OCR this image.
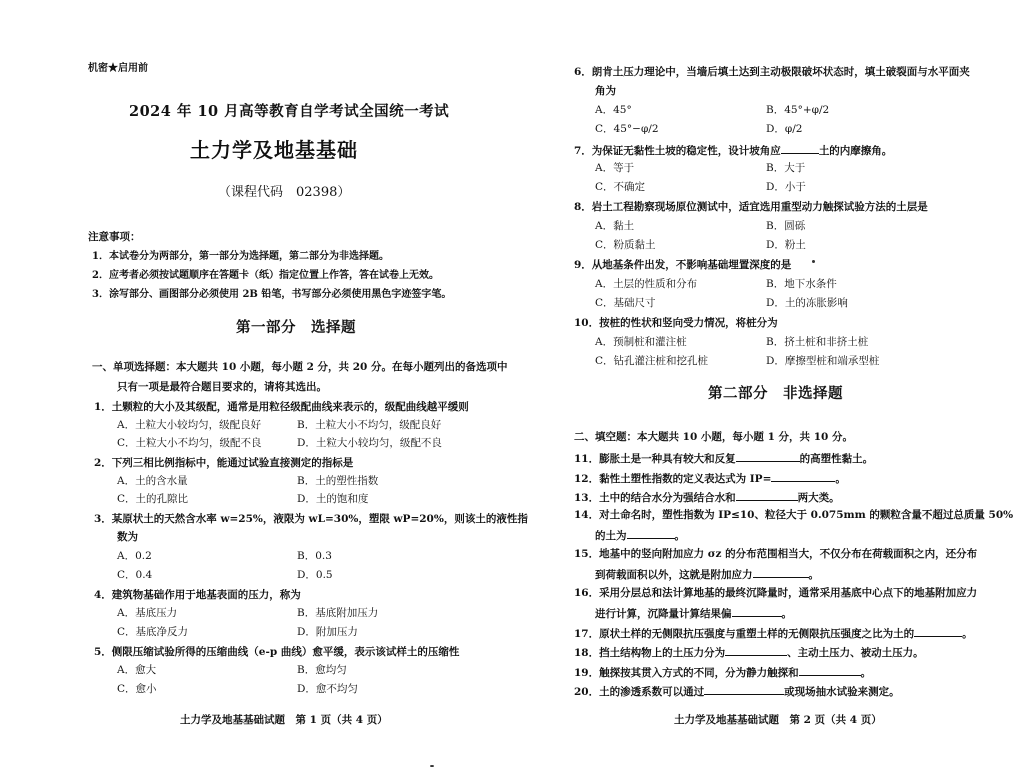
机密★启用前
2024 年 10 月高等教育自学考试全国统一考试
土力学及地基基础
（课程代码　02398）
注意事项：
1．本试卷分为两部分，第一部分为选择题，第二部分为非选择题。
2．应考者必须按试题顺序在答题卡（纸）指定位置上作答，答在试卷上无效。
3．涂写部分、画图部分必须使用 2B 铅笔，书写部分必须使用黑色字迹签字笔。
第一部分　选择题
一、单项选择题：本大题共 10 小题，每小题 2 分，共 20 分。在每小题列出的备选项中
只有一项是最符合题目要求的，请将其选出。
1．土颗粒的大小及其级配，通常是用粒径级配曲线来表示的，级配曲线越平缓则
A．土粒大小较均匀，级配良好	B．土粒大小不均匀，级配良好
C．土粒大小不均匀，级配不良	D．土粒大小较均匀，级配不良
2．下列三相比例指标中，能通过试验直接测定的指标是
A．土的含水量	B．土的塑性指数
C．土的孔隙比	D．土的饱和度
3．某原状土的天然含水率 w=25%，液限为 wL=30%，塑限 wP=20%，则该土的液性指
数为
A．0.2	B．0.3
C．0.4	D．0.5
4．建筑物基础作用于地基表面的压力，称为
A．基底压力	B．基底附加压力
C．基底净反力	D．附加压力
5．侧限压缩试验所得的压缩曲线（e-p 曲线）愈平缓，表示该试样土的压缩性
A．愈大	B．愈均匀
C．愈小	D．愈不均匀
土力学及地基基础试题　第 1 页（共 4 页）
6．朗肯土压力理论中，当墙后填土达到主动极限破坏状态时，填土破裂面与水平面夹
角为
A．45°	B．45°+φ/2
C．45°−φ/2	D．φ/2
7．为保证无黏性土坡的稳定性，设计坡角应	土的内摩擦角。
A．等于	B．大于
C．不确定	D．小于
8．岩土工程勘察现场原位测试中，适宜选用重型动力触探试验方法的土层是
A．黏土	B．圆砾
C．粉质黏土	D．粉土
9．从地基条件出发，不影响基础埋置深度的是
A．土层的性质和分布	B．地下水条件
C．基础尺寸	D．土的冻胀影响
10．按桩的性状和竖向受力情况，将桩分为
A．预制桩和灌注桩	B．挤土桩和非挤土桩
C．钻孔灌注桩和挖孔桩	D．摩擦型桩和端承型桩
第二部分　非选择题
二、填空题：本大题共 10 小题，每小题 1 分，共 10 分。
11．膨胀土是一种具有较大和反复	的高塑性黏土。
12．黏性土塑性指数的定义表达式为 IP=	。
13．土中的结合水分为强结合水和	两大类。
14．对土命名时，塑性指数为 IP≤10、粒径大于 0.075mm 的颗粒含量不超过总质量 50%
的土为	。
15．地基中的竖向附加应力 σz 的分布范围相当大，不仅分布在荷载面积之内，还分布
到荷载面积以外，这就是附加应力	。
16．采用分层总和法计算地基的最终沉降量时，通常采用基底中心点下的地基附加应力
进行计算，沉降量计算结果偏	。
17．原状土样的无侧限抗压强度与重塑土样的无侧限抗压强度之比为土的	。
18．挡土结构物上的土压力分为	、主动土压力、被动土压力。
19．触探按其贯入方式的不同，分为静力触探和	。
20．土的渗透系数可以通过	或现场抽水试验来测定。
土力学及地基基础试题　第 2 页（共 4 页）
